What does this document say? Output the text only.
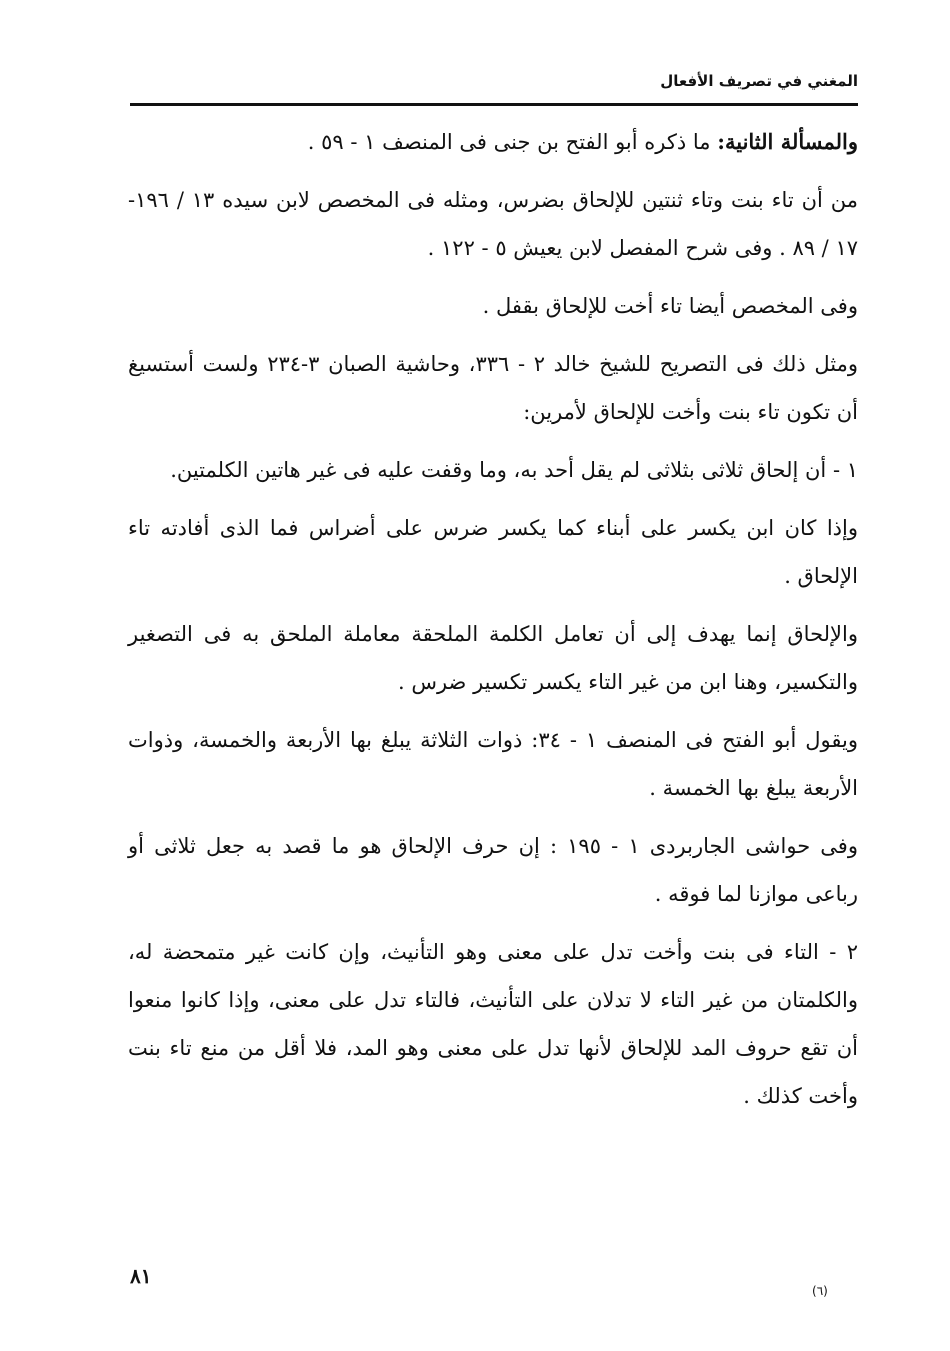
المغني في تصريف الأفعال

والمسألة الثانية: ما ذكره أبو الفتح بن جنى فى المنصف ١ - ٥٩ .

من أن تاء بنت وتاء ثنتين للإلحاق بضرس، ومثله فى المخصص لابن سيده ١٣ / ١٩٦- ١٧ / ٨٩ . وفى شرح المفصل لابن يعيش ٥ - ١٢٢ .

وفى المخصص أيضا تاء أخت للإلحاق بقفل .

ومثل ذلك فى التصريح للشيخ خالد ٢ - ٣٣٦، وحاشية الصبان ٣-٢٣٤ ولست أستسيغ أن تكون تاء بنت وأخت للإلحاق لأمرين:

١ - أن إلحاق ثلاثى بثلاثى لم يقل أحد به، وما وقفت عليه فى غير هاتين الكلمتين.

وإذا كان ابن يكسر على أبناء كما يكسر ضرس على أضراس فما الذى أفادته تاء الإلحاق .

والإلحاق إنما يهدف إلى أن تعامل الكلمة الملحقة معاملة الملحق به فى التصغير والتكسير، وهنا ابن من غير التاء يكسر تكسير ضرس .

ويقول أبو الفتح فى المنصف ١ - ٣٤: ذوات الثلاثة يبلغ بها الأربعة والخمسة، وذوات الأربعة يبلغ بها الخمسة .

وفى حواشى الجاربردى ١ - ١٩٥ : إن حرف الإلحاق هو ما قصد به جعل ثلاثى أو رباعى موازنا لما فوقه .

٢ - التاء فى بنت وأخت تدل على معنى وهو التأنيث، وإن كانت غير متمحضة له، والكلمتان من غير التاء لا تدلان على التأنيث، فالتاء تدل على معنى، وإذا كانوا منعوا أن تقع حروف المد للإلحاق لأنها تدل على معنى وهو المد، فلا أقل من منع تاء بنت وأخت كذلك .

٨١
(٦)
